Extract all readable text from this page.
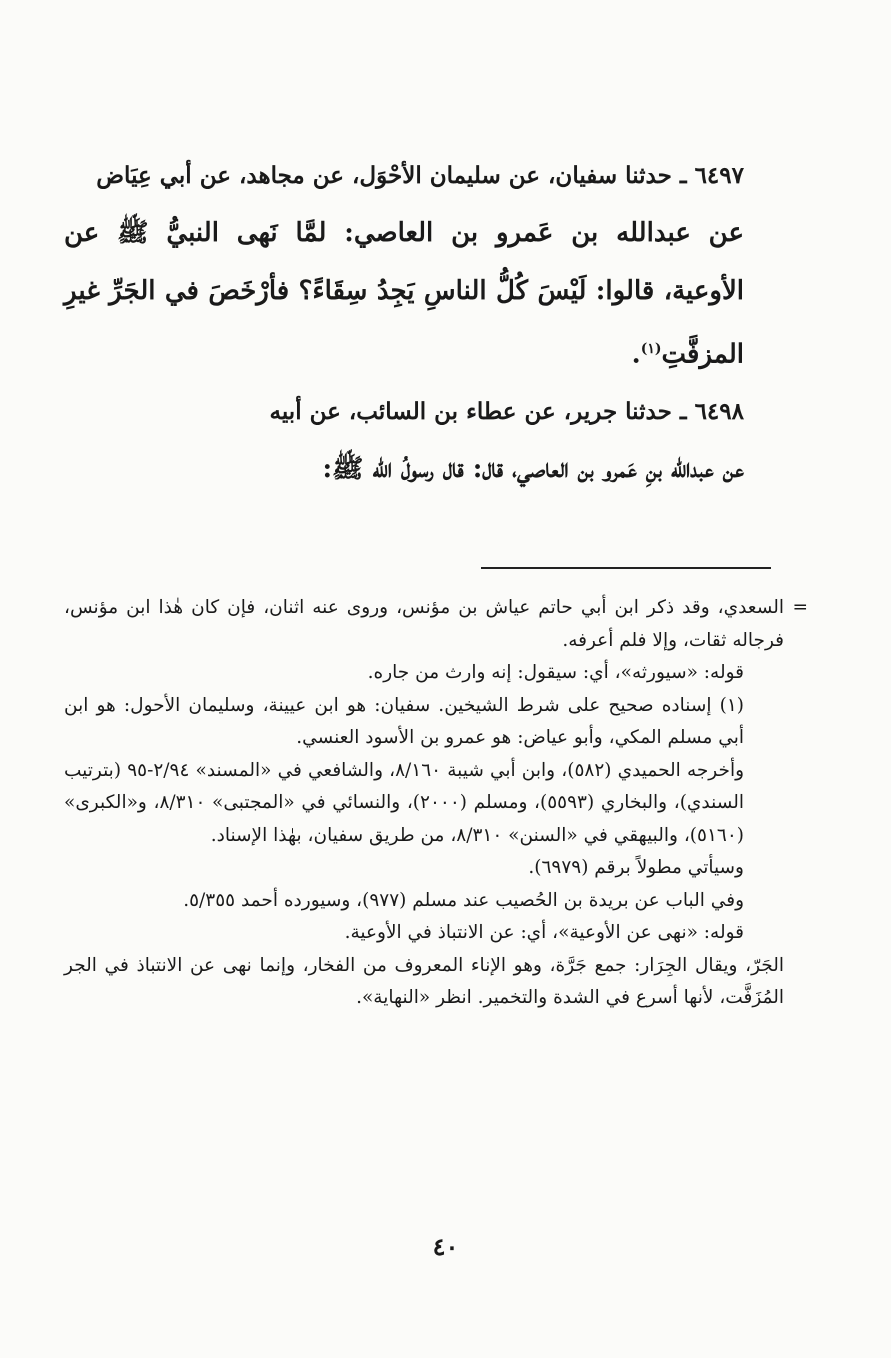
٦٤٩٧ ـ حدثنا سفيان، عن سليمان الأحْوَل، عن مجاهد، عن أبي عِيَاض

عن عبدالله بن عَمرو بن العاصي: لمَّا نَهى النبيُّ ﷺ عن الأوعية، قالوا: لَيْسَ كُلُّ الناسِ يَجِدُ سِقَاءً؟ فأرْخَصَ في الجَرِّ غيرِ المزفَّتِ$^{(١)}$.

٦٤٩٨ ـ حدثنا جرير، عن عطاء بن السائب، عن أبيه

عن عبدالله بنِ عَمرو بن العاصي، قال: قال رسولُ الله ﷺ:

=
السعدي، وقد ذكر ابن أبي حاتم عياش بن مؤنس، وروى عنه اثنان، فإن كان هٰذا ابن مؤنس، فرجاله ثقات، وإلا فلم أعرفه.

قوله: «سيورثه»، أي: سيقول: إنه وارث من جاره.

(١) إسناده صحيح على شرط الشيخين. سفيان: هو ابن عيينة، وسليمان الأحول: هو ابن أبي مسلم المكي، وأبو عياض: هو عمرو بن الأسود العنسي.

وأخرجه الحميدي (٥٨٢)، وابن أبي شيبة ٨/١٦٠، والشافعي في «المسند» ٢/٩٤-٩٥ (بترتيب السندي)، والبخاري (٥٥٩٣)، ومسلم (٢٠٠٠)، والنسائي في «المجتبى» ٨/٣١٠، و«الكبرى» (٥١٦٠)، والبيهقي في «السنن» ٨/٣١٠، من طريق سفيان، بهٰذا الإسناد.

وسيأتي مطولاً برقم (٦٩٧٩).

وفي الباب عن بريدة بن الحُصيب عند مسلم (٩٧٧)، وسيورده أحمد ٥/٣٥٥.

قوله: «نهى عن الأوعية»، أي: عن الانتباذ في الأوعية.

الجَرّ، ويقال الجِرَار: جمع جَرَّة، وهو الإناء المعروف من الفخار، وإنما نهى عن الانتباذ في الجر المُزَفَّت، لأنها أسرع في الشدة والتخمير. انظر «النهاية».

٤٠
